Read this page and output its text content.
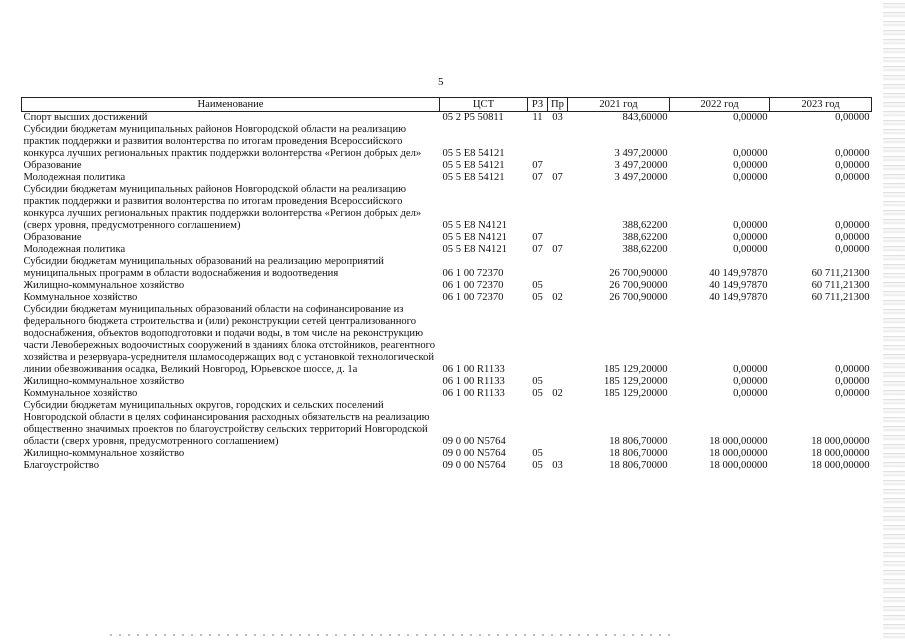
5
Наименование	ЦСТ	РЗ	Пр	2021 год	2022 год	2023 год
Спорт высших достижений	05 2 Р5 50811	11	03	843,60000	0,00000	0,00000
Субсидии бюджетам муниципальных районов Новгородской области на реализацию практик поддержки и развития волонтерства по итогам проведения Всероссийского конкурса лучших региональных практик поддержки волонтерства «Регион добрых дел»	05 5 Е8 54121			3 497,20000	0,00000	0,00000
Образование	05 5 Е8 54121	07		3 497,20000	0,00000	0,00000
Молодежная политика	05 5 Е8 54121	07	07	3 497,20000	0,00000	0,00000
Субсидии бюджетам муниципальных районов Новгородской области на реализацию практик поддержки и развития волонтерства по итогам проведения Всероссийского конкурса лучших региональных практик поддержки волонтерства «Регион добрых дел» (сверх уровня, предусмотренного соглашением)	05 5 Е8 N4121			388,62200	0,00000	0,00000
Образование	05 5 Е8 N4121	07		388,62200	0,00000	0,00000
Молодежная политика	05 5 Е8 N4121	07	07	388,62200	0,00000	0,00000
Субсидии бюджетам муниципальных образований на реализацию мероприятий муниципальных программ в области водоснабжения и водоотведения	06 1 00 72370			26 700,90000	40 149,97870	60 711,21300
Жилищно-коммунальное хозяйство	06 1 00 72370	05		26 700,90000	40 149,97870	60 711,21300
Коммунальное хозяйство	06 1 00 72370	05	02	26 700,90000	40 149,97870	60 711,21300
Субсидии бюджетам муниципальных образований области на софинансирование из федерального бюджета строительства и (или) реконструкции сетей централизованного водоснабжения, объектов водоподготовки и подачи воды, в том числе на реконструкцию части Левобережных водоочистных сооружений в зданиях блока отстойников, реагентного хозяйства и резервуара-усреднителя шламосодержащих вод с установкой технологической линии обезвоживания осадка, Великий Новгород, Юрьевское шоссе, д. 1а	06 1 00 R1133			185 129,20000	0,00000	0,00000
Жилищно-коммунальное хозяйство	06 1 00 R1133	05		185 129,20000	0,00000	0,00000
Коммунальное хозяйство	06 1 00 R1133	05	02	185 129,20000	0,00000	0,00000
Субсидии бюджетам муниципальных округов, городских и сельских поселений Новгородской области в целях софинансирования расходных обязательств на реализацию общественно значимых проектов по благоустройству сельских территорий Новгородской области (сверх уровня, предусмотренного соглашением)	09 0 00 N5764			18 806,70000	18 000,00000	18 000,00000
Жилищно-коммунальное хозяйство	09 0 00 N5764	05		18 806,70000	18 000,00000	18 000,00000
Благоустройство	09 0 00 N5764	05	03	18 806,70000	18 000,00000	18 000,00000
